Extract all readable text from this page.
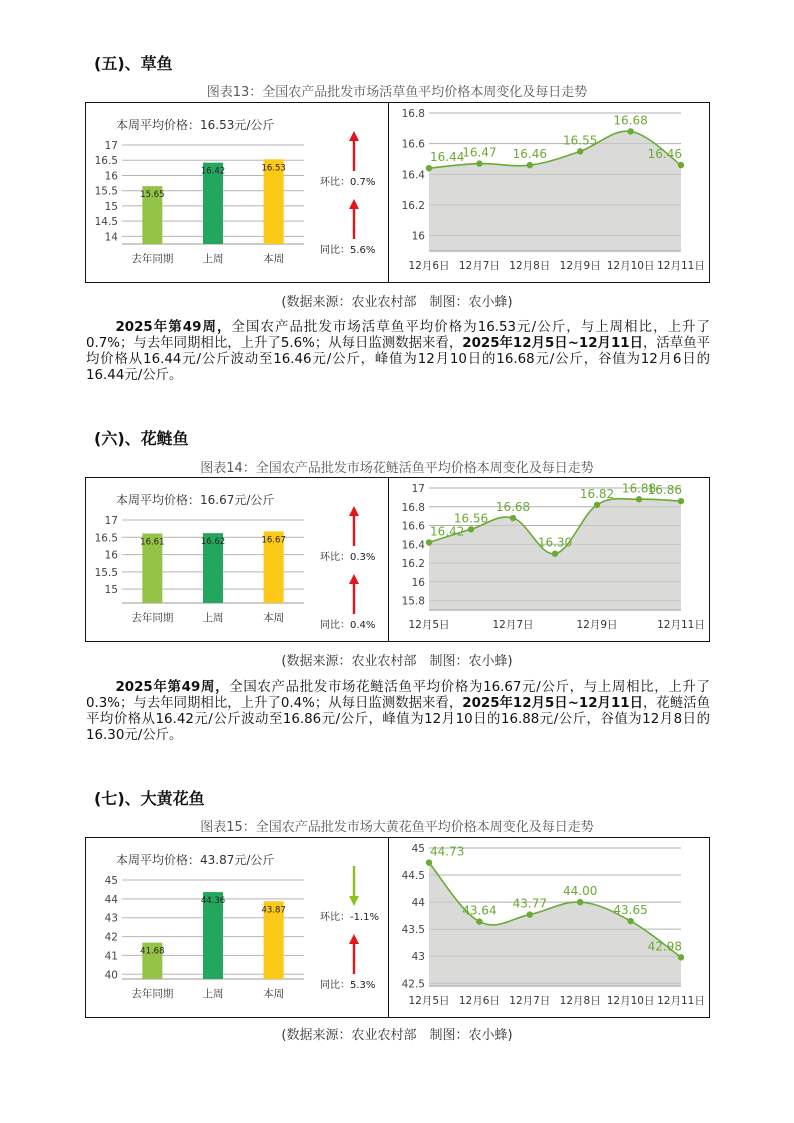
(五)、草鱼
图表13：全国农产品批发市场活草鱼平均价格本周变化及每日走势
本周平均价格：16.53元/公斤
14
14.5
15
15.5
16
16.5
17
15.65
去年同期
16.42
上周
16.53
本周
环比：0.7%
同比：5.6%
16
16.2
16.4
16.6
16.8
16.44
16.47 16.46
16.55
16.68
16.46
12月6日 12月7日 12月8日 12月9日 12月10日 12月11日
(数据来源：农业农村部　制图：农小蜂)
2025年第49周，全国农产品批发市场活草鱼平均价格为16.53元/公斤，与上周相比，上升了0.7%；与去年同期相比，上升了5.6%；从每日监测数据来看，2025年12月5日~12月11日，活草鱼平均价格从16.44元/公斤波动至16.46元/公斤，峰值为12月10日的16.68元/公斤，谷值为12月6日的16.44元/公斤。
(六)、花鲢鱼
图表14：全国农产品批发市场花鲢活鱼平均价格本周变化及每日走势
本周平均价格：16.67元/公斤
15
15.5
16
16.5
17
16.61
去年同期
16.62
上周
16.67
本周
环比：0.3%
同比：0.4%
15.8
16
16.2
16.4
16.6
16.8
17
16.42
16.56
16.68
16.30
16.82 16.88
16.86
12月5日	12月7日	12月9日	12月11日
(数据来源：农业农村部　制图：农小蜂)
2025年第49周，全国农产品批发市场花鲢活鱼平均价格为16.67元/公斤，与上周相比，上升了0.3%；与去年同期相比，上升了0.4%；从每日监测数据来看，2025年12月5日~12月11日，花鲢活鱼平均价格从16.42元/公斤波动至16.86元/公斤，峰值为12月10日的16.88元/公斤，谷值为12月8日的16.30元/公斤。
(七)、大黄花鱼
图表15：全国农产品批发市场大黄花鱼平均价格本周变化及每日走势
本周平均价格：43.87元/公斤
40
41
42
43
44
45
41.68
去年同期
44.36
上周
43.87
本周
环比：-1.1%
同比：5.3% 42.5
43
43.5
44
44.5
45 44.73
43.64
43.77
44.00
43.65
42.98
12月5日 12月6日 12月7日 12月8日 12月10日 12月11日
(数据来源：农业农村部　制图：农小蜂)
